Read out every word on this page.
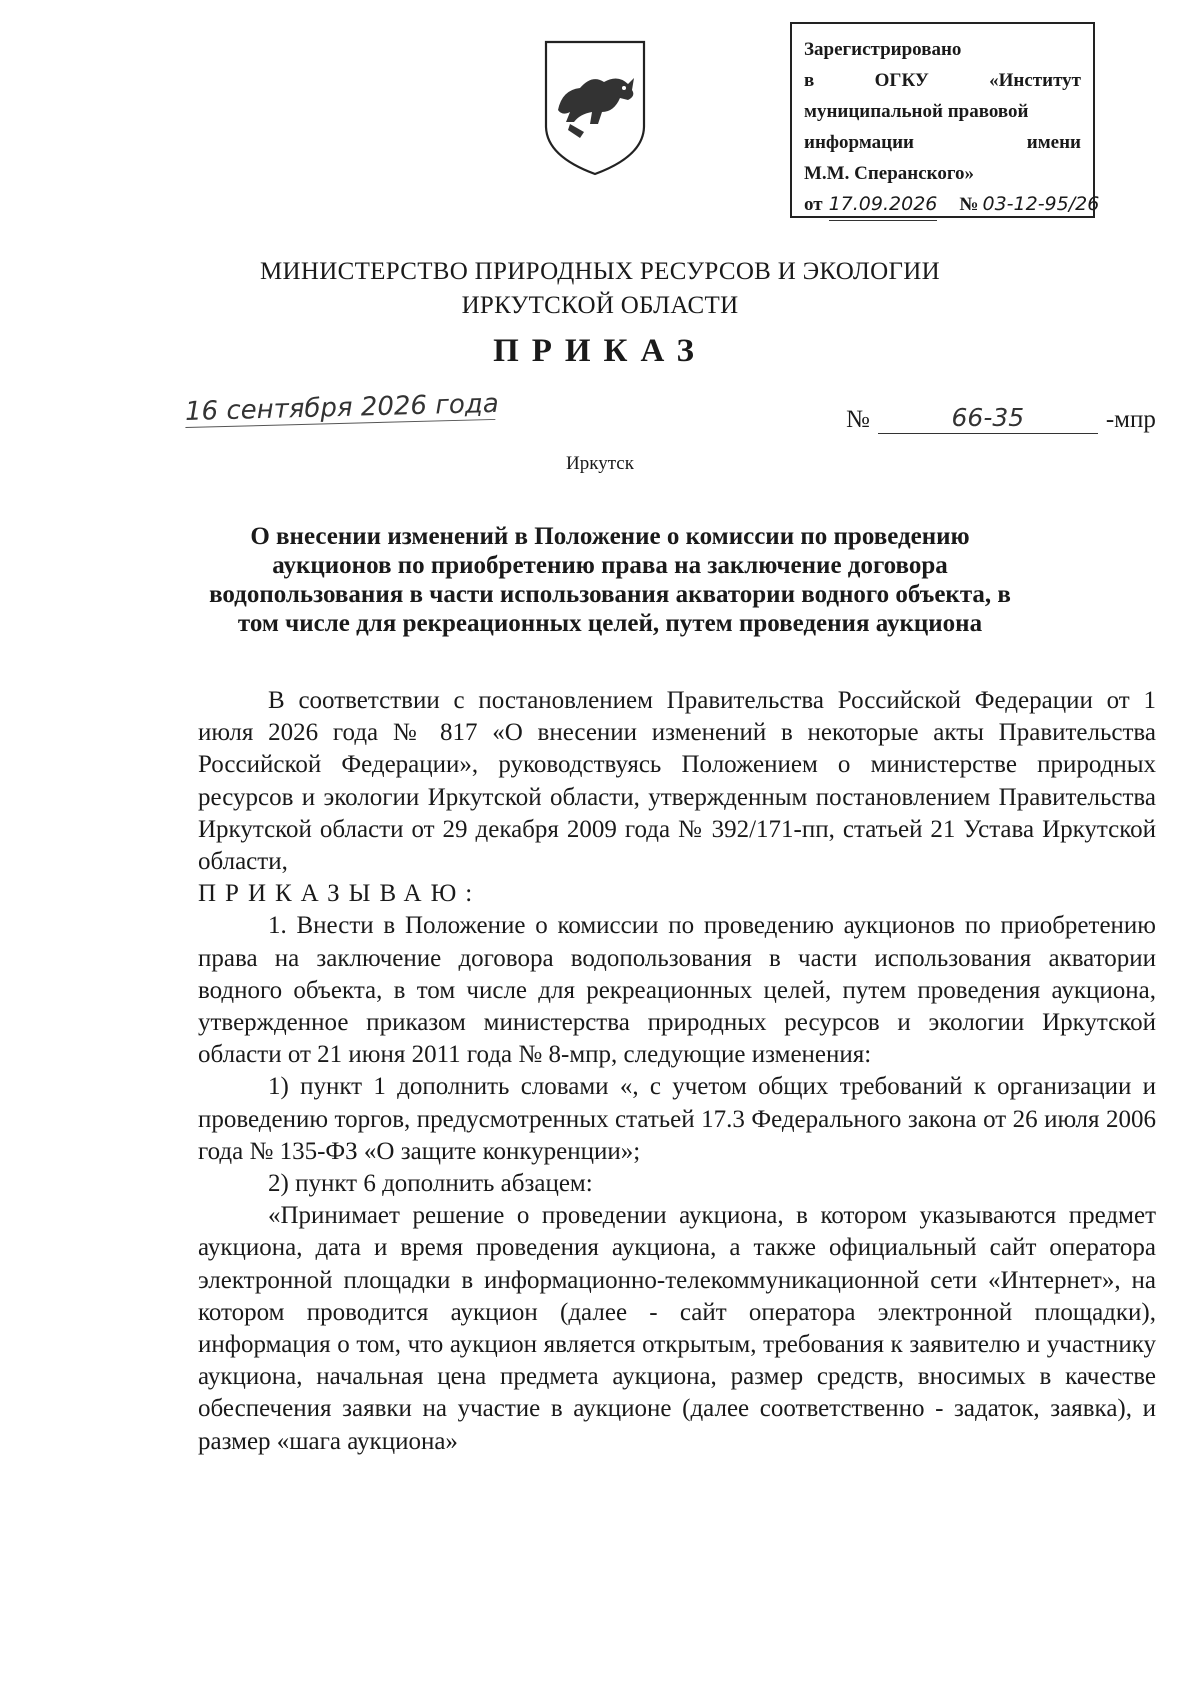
Зарегистрировано
в	ОГКУ	«Институт
муниципальной правовой
информации	имени
М.М. Сперанского»
от 17.09.2026 № 03-12-95/26
МИНИСТЕРСТВО ПРИРОДНЫХ РЕСУРСОВ И ЭКОЛОГИИ
ИРКУТСКОЙ ОБЛАСТИ
ПРИКАЗ
16 сентября 2026 года	№	66-35	-мпр
Иркутск
О внесении изменений в Положение о комиссии по проведению аукционов по приобретению права на заключение договора водопользования в части использования акватории водного объекта, в том числе для рекреационных целей, путем проведения аукциона

В соответствии с постановлением Правительства Российской Федерации от 1 июля 2026 года № 817 «О внесении изменений в некоторые акты Правительства Российской Федерации», руководствуясь Положением о министерстве природных ресурсов и экологии Иркутской области, утвержденным постановлением Правительства Иркутской области от 29 декабря 2009 года № 392/171-пп, статьей 21 Устава Иркутской области,

ПРИКАЗЫВАЮ:

1. Внести в Положение о комиссии по проведению аукционов по приобретению права на заключение договора водопользования в части использования акватории водного объекта, в том числе для рекреационных целей, путем проведения аукциона, утвержденное приказом министерства природных ресурсов и экологии Иркутской области от 21 июня 2011 года № 8-мпр, следующие изменения:

1) пункт 1 дополнить словами «, с учетом общих требований к организации и проведению торгов, предусмотренных статьей 17.3 Федерального закона от 26 июля 2006 года № 135-ФЗ «О защите конкуренции»;

2) пункт 6 дополнить абзацем:

«Принимает решение о проведении аукциона, в котором указываются предмет аукциона, дата и время проведения аукциона, а также официальный сайт оператора электронной площадки в информационно-телекоммуникационной сети «Интернет», на котором проводится аукцион (далее - сайт оператора электронной площадки), информация о том, что аукцион является открытым, требования к заявителю и участнику аукциона, начальная цена предмета аукциона, размер средств, вносимых в качестве обеспечения заявки на участие в аукционе (далее соответственно - задаток, заявка), и размер «шага аукциона»
